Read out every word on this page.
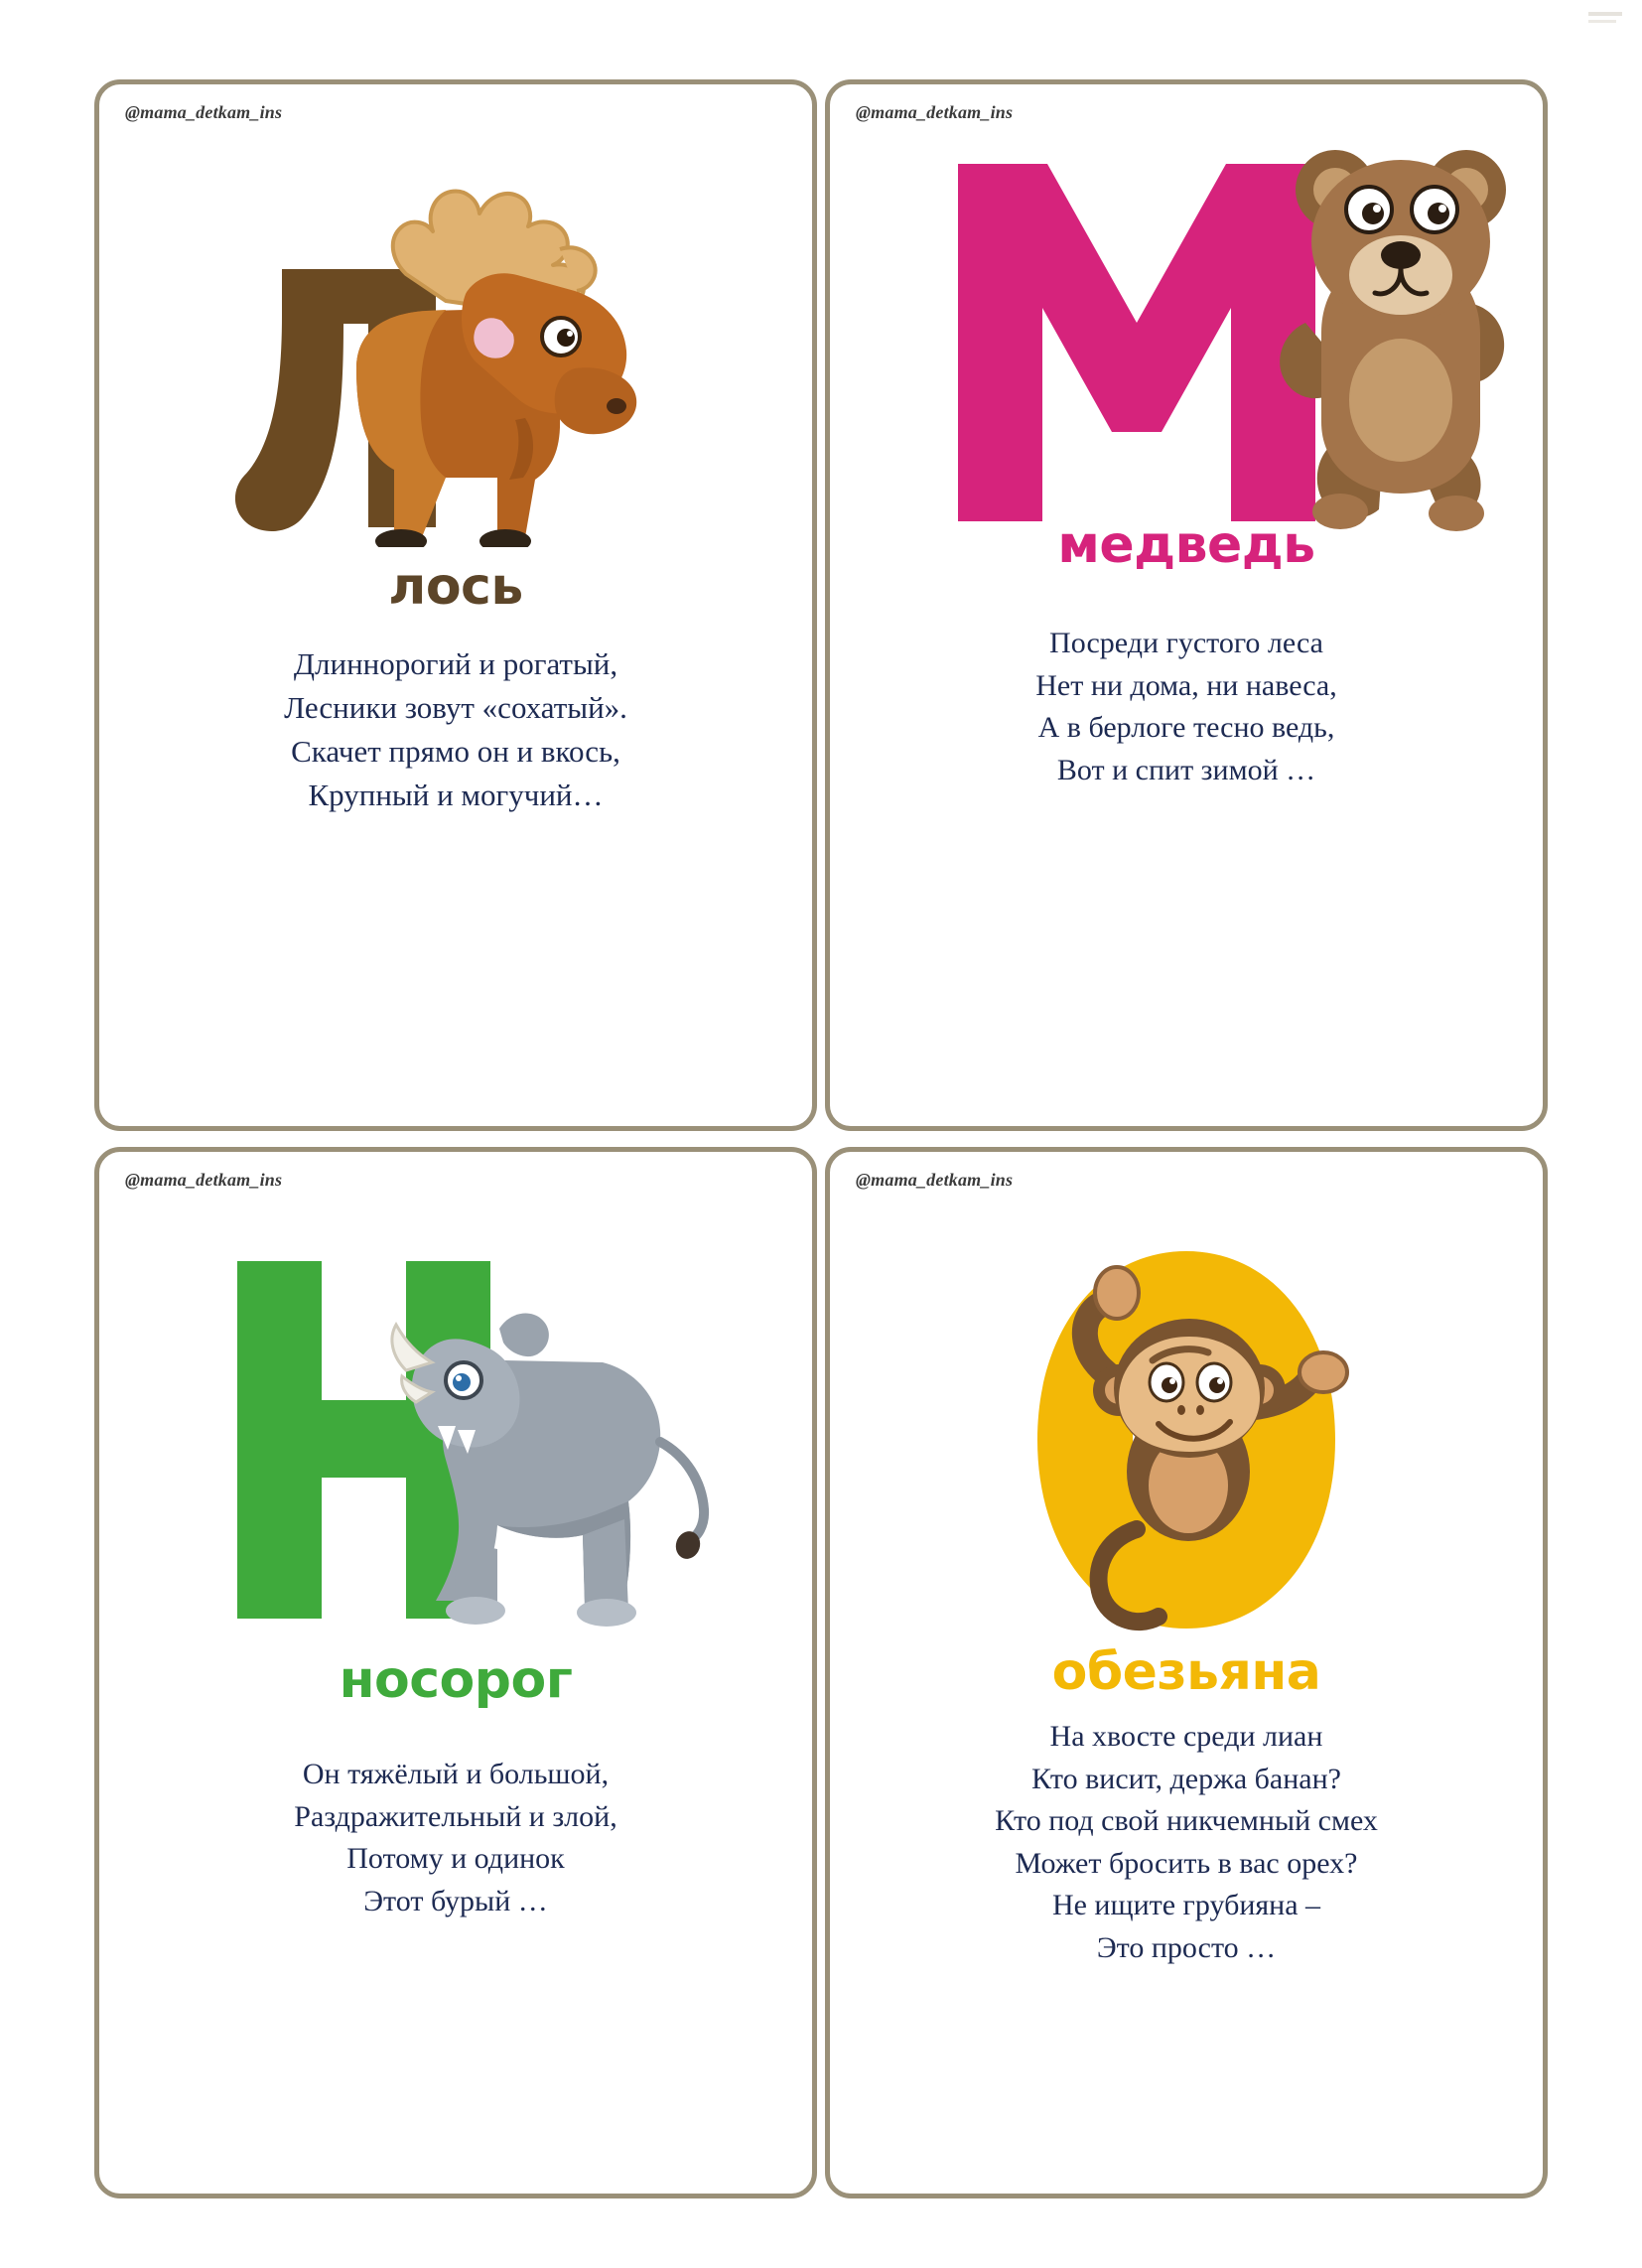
@mama_detkam_ins
лось
Длиннорогий и рогатый,
Лесники зовут «сохатый».
Скачет прямо он и вкось,
Крупный и могучий…
@mama_detkam_ins
медведь
Посреди густого леса
Нет ни дома, ни навеса,
А в берлоге тесно ведь,
Вот и спит зимой …
@mama_detkam_ins
носорог
Он тяжёлый и большой,
Раздражительный и злой,
Потому и одинок
Этот бурый …
@mama_detkam_ins
обезьяна
На хвосте среди лиан
Кто висит, держа банан?
Кто под свой никчемный смех
Может бросить в вас орех?
Не ищите грубияна –
Это просто …
